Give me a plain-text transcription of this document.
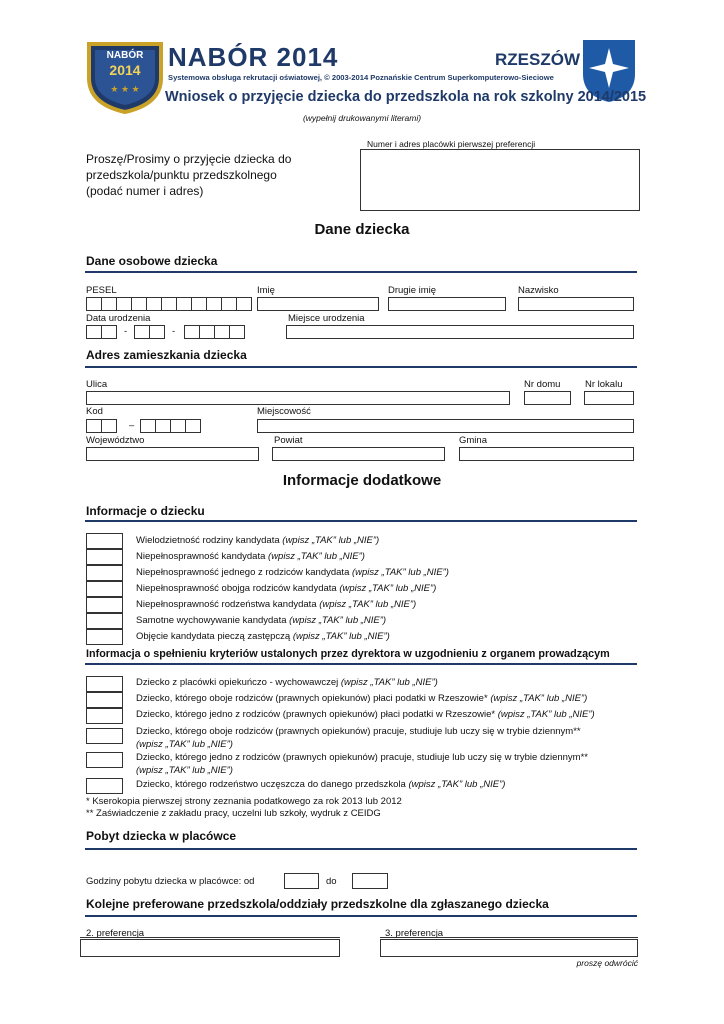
★ ★ ★
NABÓR
2014	NABÓR 2014	RZESZÓW
Systemowa obsługa rekrutacji oświatowej, © 2003-2014 Poznańskie Centrum Superkomputerowo-Sieciowe
Wniosek o przyjęcie dziecka do przedszkola na rok szkolny 2014/2015
(wypełnij drukowanymi literami)
Proszę/Prosimy o przyjęcie dziecka do
przedszkola/punktu przedszkolnego
(podać numer i adres)
Numer i adres placówki pierwszej preferencji
Dane dziecka
Dane osobowe dziecka
PESEL	Imię	Drugie imię	Nazwisko
Data urodzenia	Miejsce urodzenia
-	-
Adres zamieszkania dziecka
Ulica	Nr domu	Nr lokalu
Kod	Miejscowość
–
Województwo	Powiat	Gmina
Informacje dodatkowe
Informacje o dziecku
Wielodzietność rodziny kandydata (wpisz „TAK” lub „NIE”)
Niepełnosprawność kandydata (wpisz „TAK” lub „NIE”)
Niepełnosprawność jednego z rodziców kandydata (wpisz „TAK” lub „NIE”)
Niepełnosprawność obojga rodziców kandydata (wpisz „TAK” lub „NIE”)
Niepełnosprawność rodzeństwa kandydata (wpisz „TAK” lub „NIE”)
Samotne wychowywanie kandydata (wpisz „TAK” lub „NIE”)
Objęcie kandydata pieczą zastępczą (wpisz „TAK” lub „NIE”)
Informacja o spełnieniu kryteriów ustalonych przez dyrektora w uzgodnieniu z organem prowadzącym
Dziecko z placówki opiekuńczo - wychowawczej (wpisz „TAK” lub „NIE”)
Dziecko, którego oboje rodziców (prawnych opiekunów) płaci podatki w Rzeszowie* (wpisz „TAK” lub „NIE”)
Dziecko, którego jedno z rodziców (prawnych opiekunów) płaci podatki w Rzeszowie* (wpisz „TAK” lub „NIE”)
Dziecko, którego oboje rodziców (prawnych opiekunów) pracuje, studiuje lub uczy się w trybie dziennym**
(wpisz „TAK” lub „NIE”)
Dziecko, którego jedno z rodziców (prawnych opiekunów) pracuje, studiuje lub uczy się w trybie dziennym**
(wpisz „TAK” lub „NIE”)
Dziecko, którego rodzeństwo uczęszcza do danego przedszkola (wpisz „TAK” lub „NIE”)
* Kserokopia pierwszej strony zeznania podatkowego za rok 2013 lub 2012
** Zaświadczenie z zakładu pracy, uczelni lub szkoły, wydruk z CEIDG
Pobyt dziecka w placówce
Godziny pobytu dziecka w placówce: od	do
Kolejne preferowane przedszkola/oddziały przedszkolne dla zgłaszanego dziecka
2. preferencja	3. preferencja
proszę odwrócić
